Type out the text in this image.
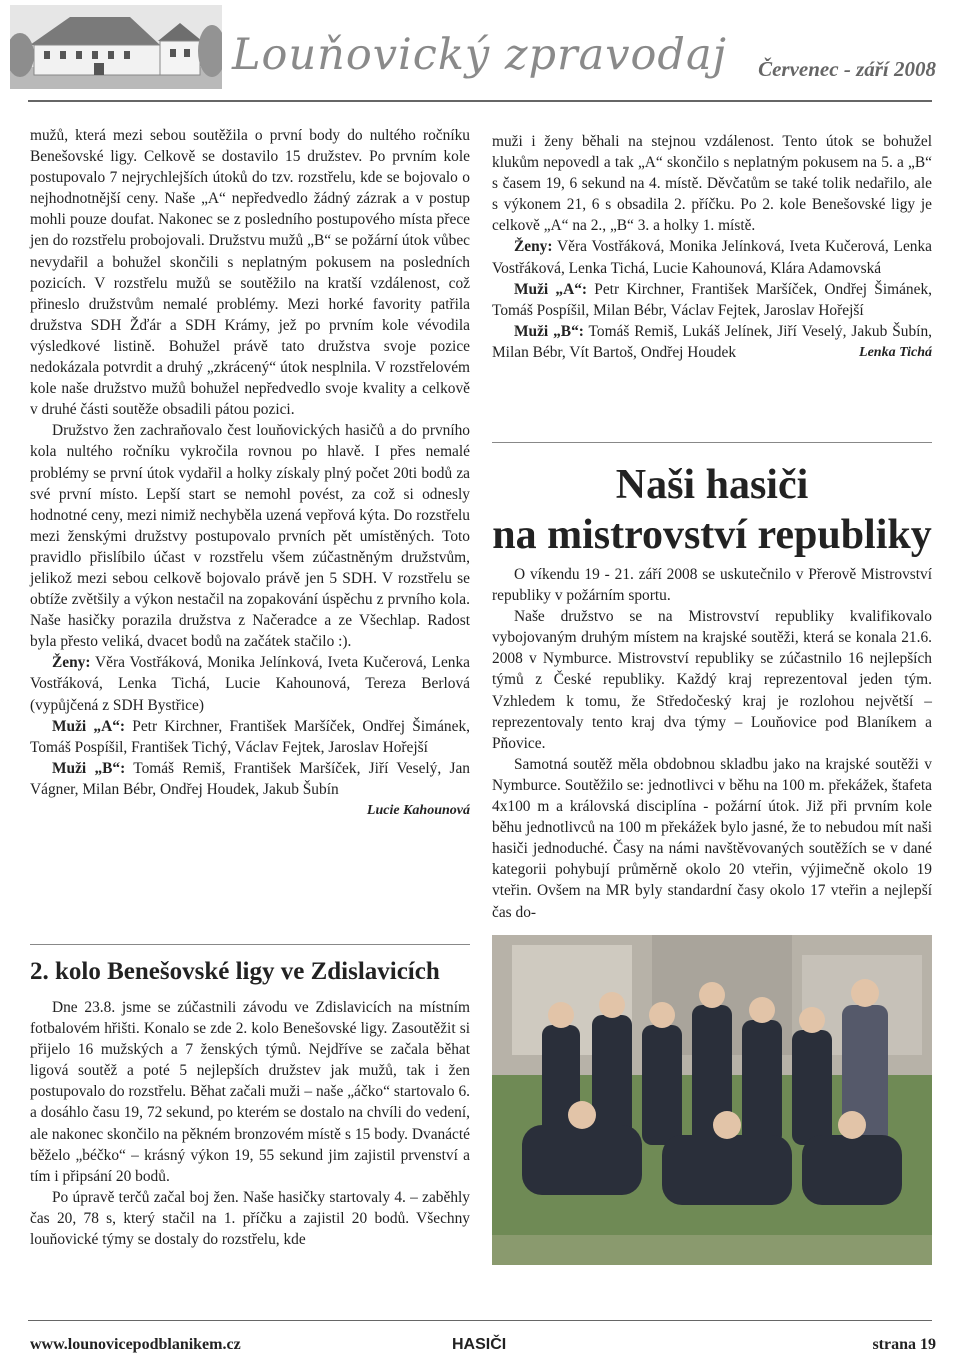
Louňovický zpravodaj Červenec - září 2008

mužů, která mezi sebou soutěžila o první body do nultého ročníku Benešovské ligy. Celkově se dostavilo 15 družstev. Po prvním kole postupovalo 7 nejrychlejších útoků do tzv. rozstřelu, kde se bojovalo o nejhodnotnější ceny. Naše „A“ nepředvedlo žádný zázrak a v postup mohli pouze doufat. Nakonec se z posledního postupového místa přece jen do rozstřelu probojovali. Družstvu mužů „B“ se požární útok vůbec nevydařil a bohužel skončili s neplatným pokusem na posledních pozicích. V rozstřelu mužů se soutěžilo na kratší vzdálenost, což přineslo družstvům nemalé problémy. Mezi horké favority patřila družstva SDH Žďár a SDH Krámy, jež po prvním kole vévodila výsledkové listině. Bohužel právě tato družstva svoje pozice nedokázala potvrdit a druhý „zkrácený“ útok nesplnila. V rozstřelovém kole naše družstvo mužů bohužel nepředvedlo svoje kvality a celkově v druhé části soutěže obsadili pátou pozici.

Družstvo žen zachraňovalo čest louňovických hasičů a do prvního kola nultého ročníku vykročila rovnou po hlavě. I přes nemalé problémy se první útok vydařil a holky získaly plný počet 20ti bodů za své první místo. Lepší start se nemohl povést, za což si odnesly hodnotné ceny, mezi nimiž nechyběla uzená vepřová kýta. Do rozstřelu mezi ženskými družstvy postupovalo prvních pět umístěných. Toto pravidlo přislíbilo účast v rozstřelu všem zúčastněným družstvům, jelikož mezi sebou celkově bojovalo právě jen 5 SDH. V rozstřelu se obtíže zvětšily a výkon nestačil na zopakování úspěchu z prvního kola. Naše hasičky porazila družstva z Načeradce a ze Všechlap. Radost byla přesto veliká, dvacet bodů na začátek stačilo :).

Ženy: Věra Vostřáková, Monika Jelínková, Iveta Kučerová, Lenka Vostřáková, Lenka Tichá, Lucie Kahounová, Tereza Berlová (vypůjčená z SDH Bystřice)

Muži „A“: Petr Kirchner, František Maršíček, Ondřej Šimánek, Tomáš Pospíšil, František Tichý, Václav Fejtek, Jaroslav Hořejší

Muži „B“: Tomáš Remiš, František Maršíček, Jiří Veselý, Jan Vágner, Milan Bébr, Ondřej Houdek, Jakub Šubín

Lucie Kahounová

2. kolo Benešovské ligy ve Zdislavicích

Dne 23.8. jsme se zúčastnili závodu ve Zdislavicích na místním fotbalovém hřišti. Konalo se zde 2. kolo Benešovské ligy. Zasoutěžit si přijelo 16 mužských a 7 ženských týmů. Nejdříve se začala běhat ligová soutěž a poté 5 nejlepších družstev jak mužů, tak i žen postupovalo do rozstřelu. Běhat začali muži – naše „áčko“ startovalo 6. a dosáhlo času 19, 72 sekund, po kterém se dostalo na chvíli do vedení, ale nakonec skončilo na pěkném bronzovém místě s 15 body. Dvanácté běželo „béčko“ – krásný výkon 19, 55 sekund jim zajistil prvenství a tím i připsání 20 bodů.

Po úpravě terčů začal boj žen. Naše hasičky startovaly 4. – zaběhly čas 20, 78 s, který stačil na 1. příčku a zajistil 20 bodů. Všechny louňovické týmy se dostaly do rozstřelu, kde

muži i ženy běhali na stejnou vzdálenost. Tento útok se bohužel klukům nepovedl a tak „A“ skončilo s neplatným pokusem na 5. a „B“ s časem 19, 6 sekund na 4. místě. Děvčatům se také tolik nedařilo, ale s výkonem 21, 6 s obsadila 2. příčku. Po 2. kole Benešovské ligy je celkově „A“ na 2., „B“ 3. a holky 1. místě.

Ženy: Věra Vostřáková, Monika Jelínková, Iveta Kučerová, Lenka Vostřáková, Lenka Tichá, Lucie Kahounová, Klára Adamovská

Muži „A“: Petr Kirchner, František Maršíček, Ondřej Šimánek, Tomáš Pospíšil, Milan Bébr, Václav Fejtek, Jaroslav Hořejší

Muži „B“: Tomáš Remiš, Lukáš Jelínek, Jiří Veselý, Jakub Šubín, Milan Bébr, Vít Bartoš, Ondřej Houdek	Lenka Tichá

Naši hasiči
na mistrovství republiky

O víkendu 19 - 21. září 2008 se uskutečnilo v Přerově Mistrovství republiky v požárním sportu.

Naše družstvo se na Mistrovství republiky kvalifikovalo vybojovaným druhým místem na krajské soutěži, která se konala 21.6. 2008 v Nymburce. Mistrovství republiky se zúčastnilo 16 nejlepších týmů z České republiky. Každý kraj reprezentoval jeden tým. Vzhledem k tomu, že Středočeský kraj je rozlohou největší – reprezentovaly tento kraj dva týmy – Louňovice pod Blaníkem a Pňovice.

Samotná soutěž měla obdobnou skladbu jako na krajské soutěži v Nymburce. Soutěžilo se: jednotlivci v běhu na 100 m. překážek, štafeta 4x100 m a královská disciplína - požární útok. Již při prvním kole běhu jednotlivců na 100 m překážek bylo jasné, že to nebudou mít naši hasiči jednoduché. Časy na námi navštěvovaných soutěžích se v dané kategorii pohybují průměrně okolo 20 vteřin, výjimečně okolo 19 vteřin. Ovšem na MR byly standardní časy okolo 17 vteřin a nejlepší čas do-

www.lounovicepodblanikem.cz	HASIČI	strana 19
